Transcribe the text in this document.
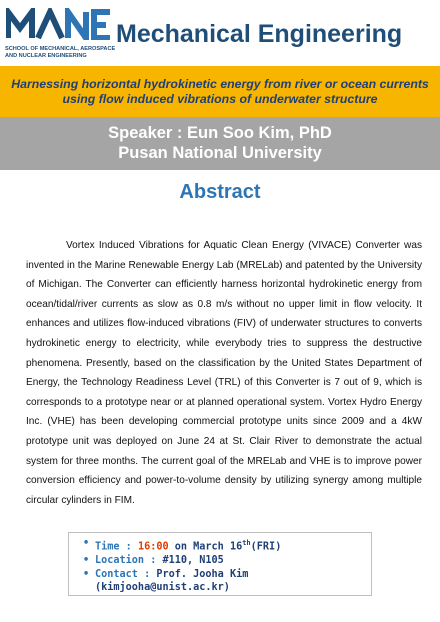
SCHOOL OF MECHANICAL, AEROSPACE
AND NUCLEAR ENGINEERING
Mechanical Engineering
Harnessing horizontal hydrokinetic energy from river or ocean currents
using flow induced vibrations of underwater structure
Speaker : Eun Soo Kim, PhD
Pusan National University
Abstract

Vortex Induced Vibrations for Aquatic Clean Energy (VIVACE) Converter was invented in the Marine Renewable Energy Lab (MRELab) and patented by the University of Michigan. The Converter can efficiently harness horizontal hydrokinetic energy from ocean/tidal/river currents as slow as 0.8 m/s without no upper limit in flow velocity. It enhances and utilizes flow-induced vibrations (FIV) of underwater structures to converts hydrokinetic energy to electricity, while everybody tries to suppress the destructive phenomena. Presently, based on the classification by the United States Department of Energy, the Technology Readiness Level (TRL) of this Converter is 7 out of 9, which is corresponds to a prototype near or at planned operational system. Vortex Hydro Energy Inc. (VHE) has been developing commercial prototype units since 2009 and a 4kW prototype unit was deployed on June 24 at St. Clair River to demonstrate the actual system for three months. The current goal of the MRELab and VHE is to improve power conversion efficiency and power-to-volume density by utilizing synergy among multiple circular cylinders in FIM.

• Time : 16:00 on March 16th(FRI)
• Location : #110, N105
• Contact : Prof. Jooha Kim
(kimjooha@unist.ac.kr)
